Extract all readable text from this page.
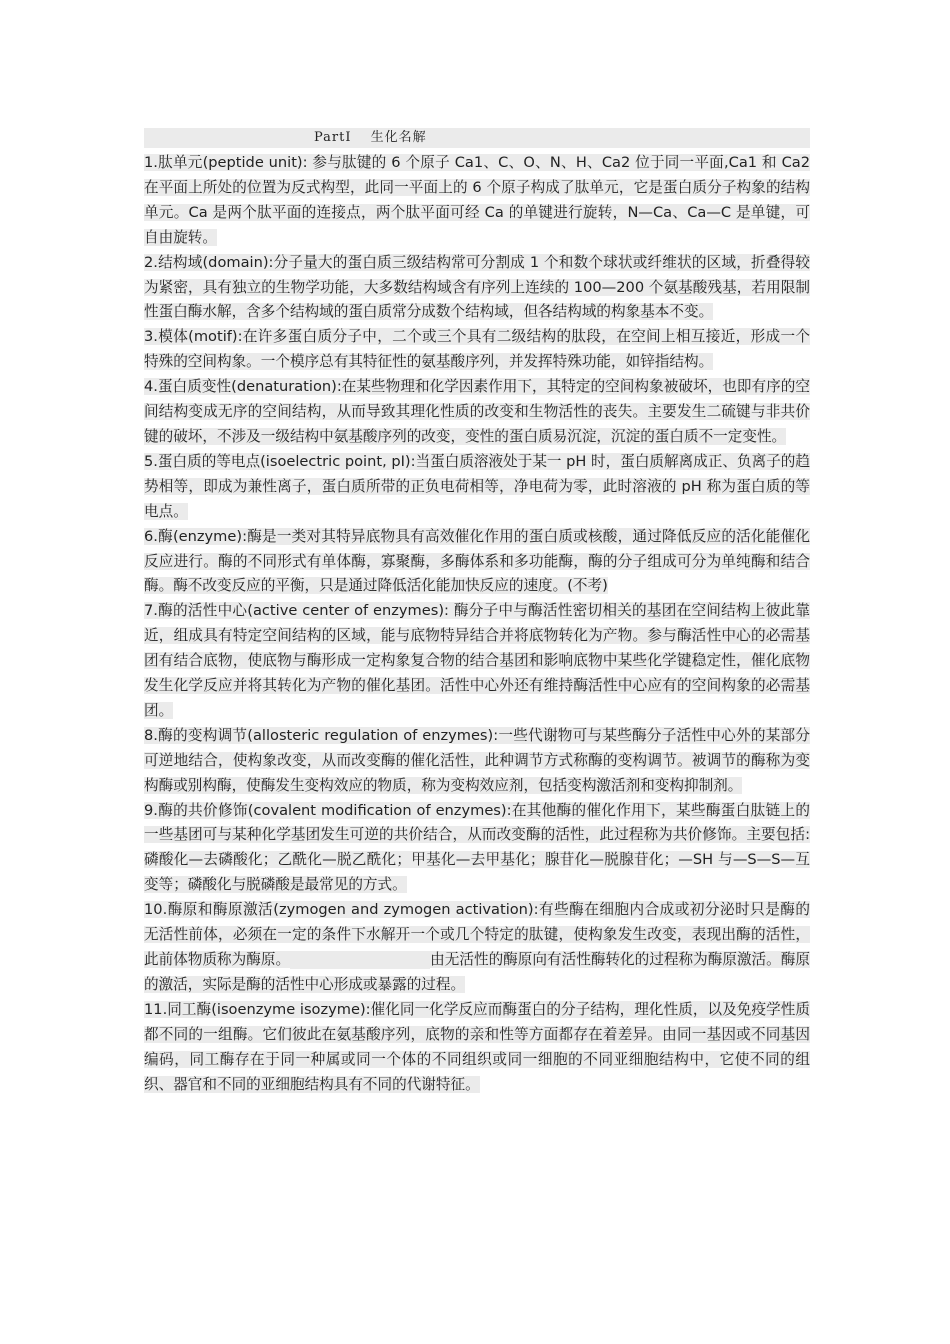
PartI　 生化名解
1.肽单元(peptide unit): 参与肽键的 6 个原子 Ca1、C、O、N、H、Ca2 位于同一平面,Ca1 和 Ca2 在平面上所处的位置为反式构型，此同一平面上的 6 个原子构成了肽单元，它是蛋白质分子构象的结构单元。Ca 是两个肽平面的连接点，两个肽平面可经 Ca 的单键进行旋转，N—Ca、Ca—C 是单键，可自由旋转。
2.结构域(domain):分子量大的蛋白质三级结构常可分割成 1 个和数个球状或纤维状的区域，折叠得较为紧密，具有独立的生物学功能，大多数结构域含有序列上连续的 100—200 个氨基酸残基，若用限制性蛋白酶水解，含多个结构域的蛋白质常分成数个结构域，但各结构域的构象基本不变。
3.模体(motif):在许多蛋白质分子中，二个或三个具有二级结构的肽段，在空间上相互接近，形成一个特殊的空间构象。一个模序总有其特征性的氨基酸序列，并发挥特殊功能，如锌指结构。
4.蛋白质变性(denaturation):在某些物理和化学因素作用下，其特定的空间构象被破坏，也即有序的空间结构变成无序的空间结构，从而导致其理化性质的改变和生物活性的丧失。主要发生二硫键与非共价键的破坏，不涉及一级结构中氨基酸序列的改变，变性的蛋白质易沉淀，沉淀的蛋白质不一定变性。
5.蛋白质的等电点(isoelectric point, pI):当蛋白质溶液处于某一 pH 时，蛋白质解离成正、负离子的趋势相等，即成为兼性离子，蛋白质所带的正负电荷相等，净电荷为零，此时溶液的 pH 称为蛋白质的等电点。
6.酶(enzyme):酶是一类对其特异底物具有高效催化作用的蛋白质或核酸，通过降低反应的活化能催化反应进行。酶的不同形式有单体酶，寡聚酶，多酶体系和多功能酶，酶的分子组成可分为单纯酶和结合酶。酶不改变反应的平衡，只是通过降低活化能加快反应的速度。(不考)
7.酶的活性中心(active center of enzymes): 酶分子中与酶活性密切相关的基团在空间结构上彼此靠近，组成具有特定空间结构的区域，能与底物特异结合并将底物转化为产物。参与酶活性中心的必需基团有结合底物，使底物与酶形成一定构象复合物的结合基团和影响底物中某些化学键稳定性，催化底物发生化学反应并将其转化为产物的催化基团。活性中心外还有维持酶活性中心应有的空间构象的必需基团。
8.酶的变构调节(allosteric regulation of enzymes):一些代谢物可与某些酶分子活性中心外的某部分可逆地结合，使构象改变，从而改变酶的催化活性，此种调节方式称酶的变构调节。被调节的酶称为变构酶或别构酶，使酶发生变构效应的物质，称为变构效应剂，包括变构激活剂和变构抑制剂。
9.酶的共价修饰(covalent modification of enzymes):在其他酶的催化作用下，某些酶蛋白肽链上的一些基团可与某种化学基团发生可逆的共价结合，从而改变酶的活性，此过程称为共价修饰。主要包括:磷酸化—去磷酸化；乙酰化—脱乙酰化；甲基化—去甲基化；腺苷化—脱腺苷化；—SH 与—S—S—互变等；磷酸化与脱磷酸是最常见的方式。
10.酶原和酶原激活(zymogen and zymogen activation):有些酶在细胞内合成或初分泌时只是酶的无活性前体，必须在一定的条件下水解开一个或几个特定的肽键，使构象发生改变，表现出酶的活性，此前体物质称为酶原。	由无活性的酶原向有活性酶转化的过程称为酶原激活。酶原的激活，实际是酶的活性中心形成或暴露的过程。
11.同工酶(isoenzyme isozyme):催化同一化学反应而酶蛋白的分子结构，理化性质，以及免疫学性质都不同的一组酶。它们彼此在氨基酸序列，底物的亲和性等方面都存在着差异。由同一基因或不同基因编码，同工酶存在于同一种属或同一个体的不同组织或同一细胞的不同亚细胞结构中，它使不同的组织、器官和不同的亚细胞结构具有不同的代谢特征。
